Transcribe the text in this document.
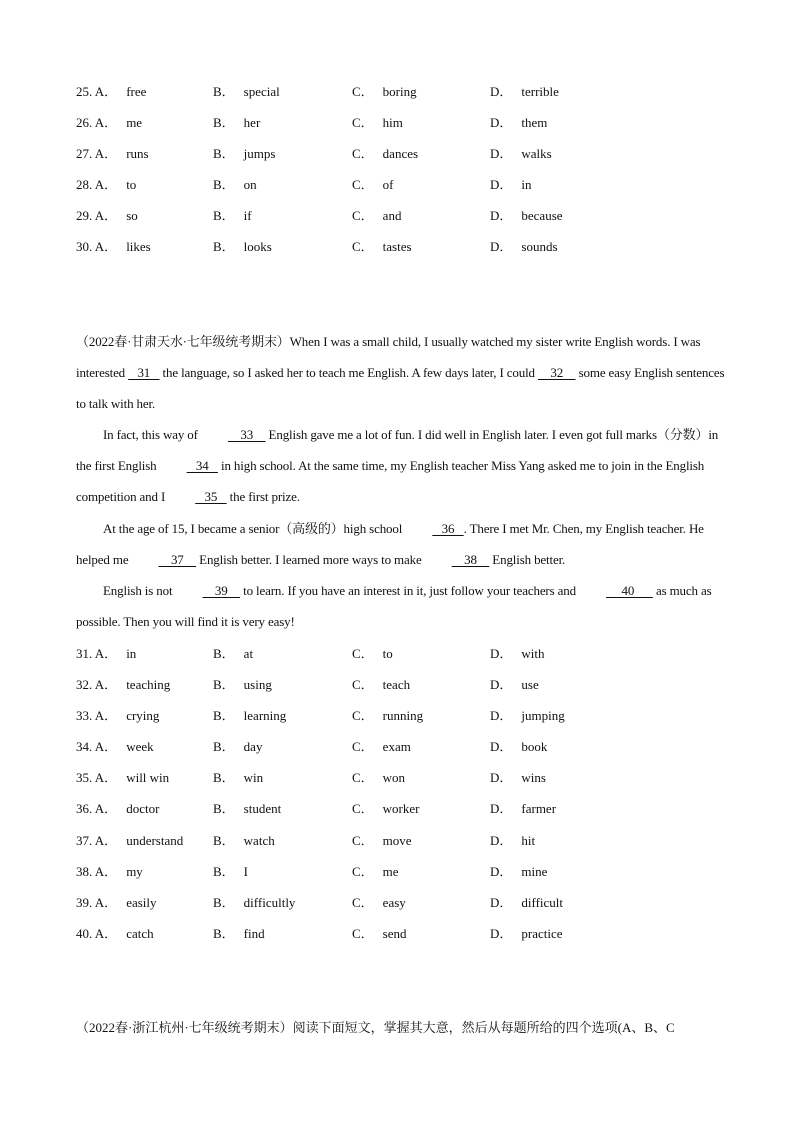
25. A． free	B． special	C． boring	D． terrible
26. A． me	B． her	C． him	D． them
27. A． runs	B． jumps	C． dances	D． walks
28. A． to	B． on	C． of	D． in
29. A． so	B． if	C． and	D． because
30. A． likes	B． looks	C． tastes	D． sounds

（2022春·甘肃天水·七年级统考期末）When I was a small child, I usually watched my sister write English words. I was interested    31    the language, so I asked her to teach me English. A few days later, I could     32     some easy English sentences to talk with her.

In fact, this way of     33     English gave me a lot of fun. I did well in English later. I even got full marks（分数）in the first English    34    in high school. At the same time, my English teacher Miss Yang asked me to join in the English competition and I    35    the first prize.

At the age of 15, I became a senior（高级的）high school    36   . There I met Mr. Chen, my English teacher. He helped me     37     English better. I learned more ways to make     38     English better.

English is not     39     to learn. If you have an interest in it, just follow your teachers and      40       as much as possible. Then you will find it is very easy!

31. A． in	B． at	C． to	D． with
32. A． teaching	B． using	C． teach	D． use
33. A． crying	B． learning	C． running	D． jumping
34. A． week	B． day	C． exam	D． book
35. A． will win	B． win	C． won	D． wins
36. A． doctor	B． student	C． worker	D． farmer
37. A． understand B． watch	C． move	D． hit
38. A． my	B． I	C． me	D． mine
39. A． easily	B． difficultly	C． easy	D． difficult
40. A． catch	B． find	C． send	D． practice
（2022春·浙江杭州·七年级统考期末）阅读下面短文，掌握其大意，然后从每题所给的四个选项(A、B、C
